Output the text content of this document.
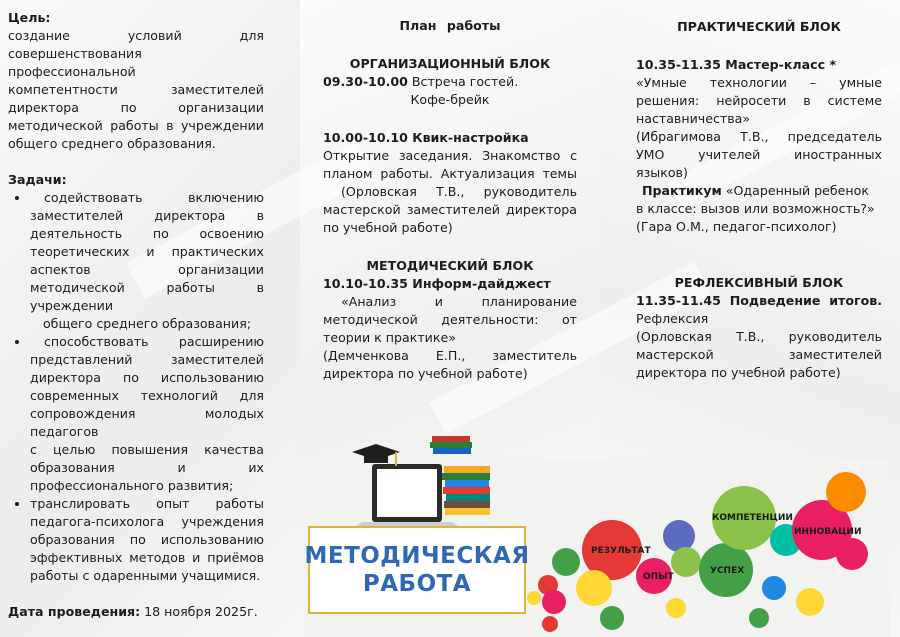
Цель:

создание условий для

совершенствования профессиональной

компетентности заместителей

директора по организации

методической работы в учреждении

общего среднего образования.

Задачи:

• содействовать включению

заместителей директора в

деятельность по освоению

теоретических и практических

аспектов организации

методической работы в учреждении

общего среднего образования;

• способствовать расширению

представлений заместителей

директора по использованию

современных технологий для

сопровождения молодых педагогов

с целью повышения качества

образования и их

профессионального развития;

• транслировать опыт работы

педагога-психолога учреждения

образования по использованию

эффективных методов и приёмов

работы с одаренными учащимися.

Дата проведения: 18 ноября 2025г.

План работы

ОРГАНИЗАЦИОННЫЙ БЛОК

09.30-10.00 Встреча гостей.

Кофе-брейк

10.00-10.10 Квик-настройка

Открытие заседания. Знакомство с

планом работы. Актуализация темы

(Орловская Т.В., руководитель

мастерской заместителей директора

по учебной работе)

МЕТОДИЧЕСКИЙ БЛОК

10.10-10.35 Информ-дайджест

«Анализ и планирование

методической деятельности: от

теории к практике»

(Демченкова Е.П., заместитель

директора по учебной работе)

ПРАКТИЧЕСКИЙ БЛОК

10.35-11.35 Мастер-класс *

«Умные технологии – умные

решения: нейросети в системе

наставничества»

(Ибрагимова Т.В., председатель

УМО учителей иностранных

языков)

Практикум «Одаренный ребенок

в классе: вызов или возможность?»

(Гара О.М., педагог-психолог)

РЕФЛЕКСИВНЫЙ БЛОК

11.35-11.45 Подведение итогов.

Рефлексия

(Орловская Т.В., руководитель

мастерской заместителей

директора по учебной работе)

РЕЗУЛЬТАТ
ОПЫТ
УСПЕХ
КОМПЕТЕНЦИИ
ИННОВАЦИИ
МЕТОДИЧЕСКАЯ
РАБОТА
